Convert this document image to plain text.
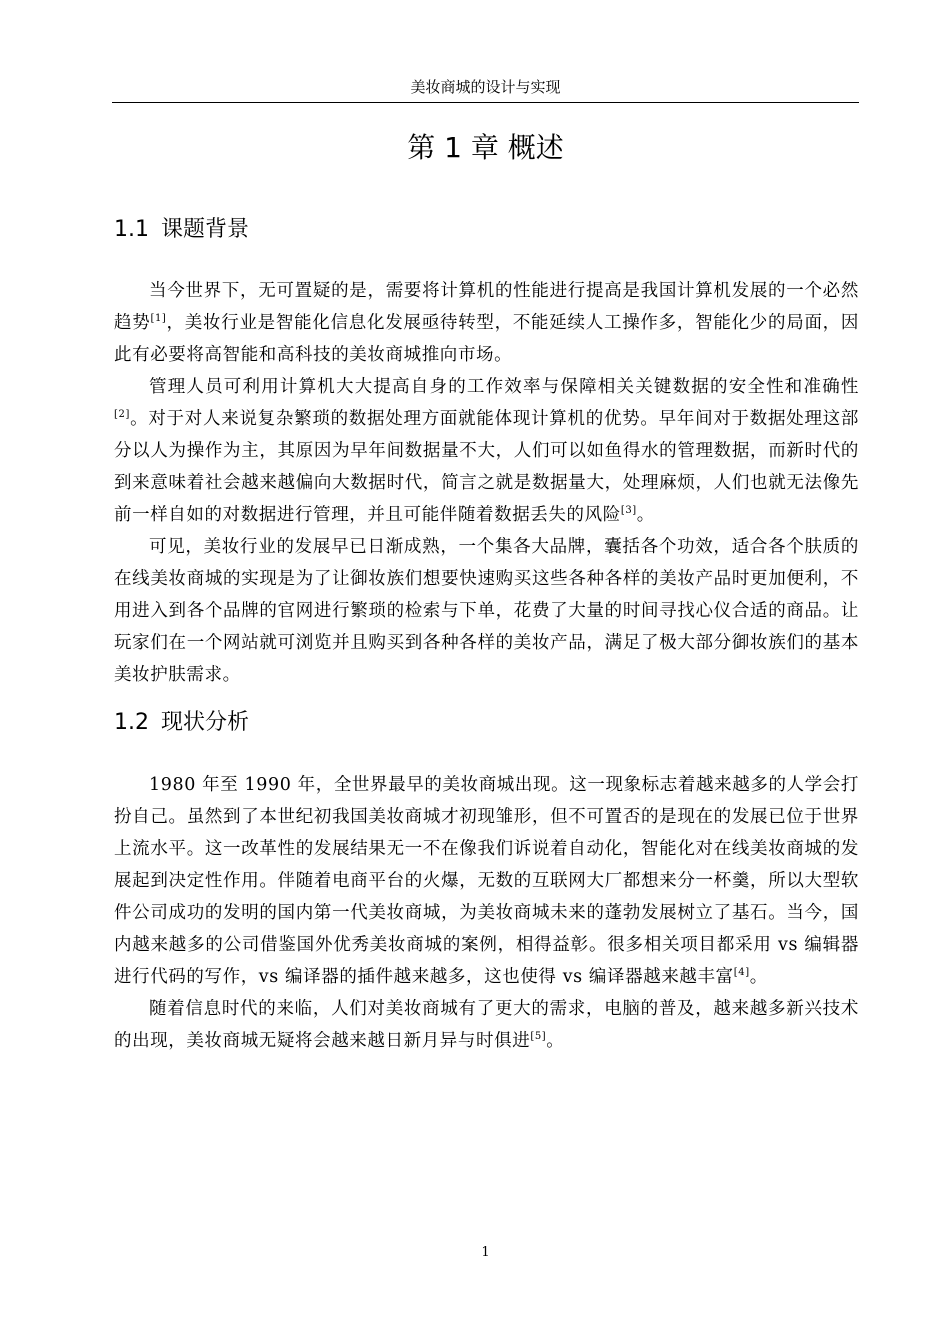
美妆商城的设计与实现
第 1 章 概述
1.1 课题背景

当今世界下，无可置疑的是，需要将计算机的性能进行提高是我国计算机发展的一个必然趋势[1]，美妆行业是智能化信息化发展亟待转型，不能延续人工操作多，智能化少的局面，因此有必要将高智能和高科技的美妆商城推向市场。

管理人员可利用计算机大大提高自身的工作效率与保障相关关键数据的安全性和准确性[2]。对于对人来说复杂繁琐的数据处理方面就能体现计算机的优势。早年间对于数据处理这部分以人为操作为主，其原因为早年间数据量不大，人们可以如鱼得水的管理数据，而新时代的到来意味着社会越来越偏向大数据时代，简言之就是数据量大，处理麻烦，人们也就无法像先前一样自如的对数据进行管理，并且可能伴随着数据丢失的风险[3]。

可见，美妆行业的发展早已日渐成熟，一个集各大品牌，囊括各个功效，适合各个肤质的在线美妆商城的实现是为了让御妆族们想要快速购买这些各种各样的美妆产品时更加便利，不用进入到各个品牌的官网进行繁琐的检索与下单，花费了大量的时间寻找心仪合适的商品。让玩家们在一个网站就可浏览并且购买到各种各样的美妆产品，满足了极大部分御妆族们的基本美妆护肤需求。

1.2 现状分析

1980 年至 1990 年，全世界最早的美妆商城出现。这一现象标志着越来越多的人学会打扮自己。虽然到了本世纪初我国美妆商城才初现雏形，但不可置否的是现在的发展已位于世界上流水平。这一改革性的发展结果无一不在像我们诉说着自动化，智能化对在线美妆商城的发展起到决定性作用。伴随着电商平台的火爆，无数的互联网大厂都想来分一杯羹，所以大型软件公司成功的发明的国内第一代美妆商城，为美妆商城未来的蓬勃发展树立了基石。当今，国内越来越多的公司借鉴国外优秀美妆商城的案例，相得益彰。很多相关项目都采用 vs 编辑器进行代码的写作，vs 编译器的插件越来越多，这也使得 vs 编译器越来越丰富[4]。

随着信息时代的来临，人们对美妆商城有了更大的需求，电脑的普及，越来越多新兴技术的出现，美妆商城无疑将会越来越日新月异与时俱进[5]。

1
